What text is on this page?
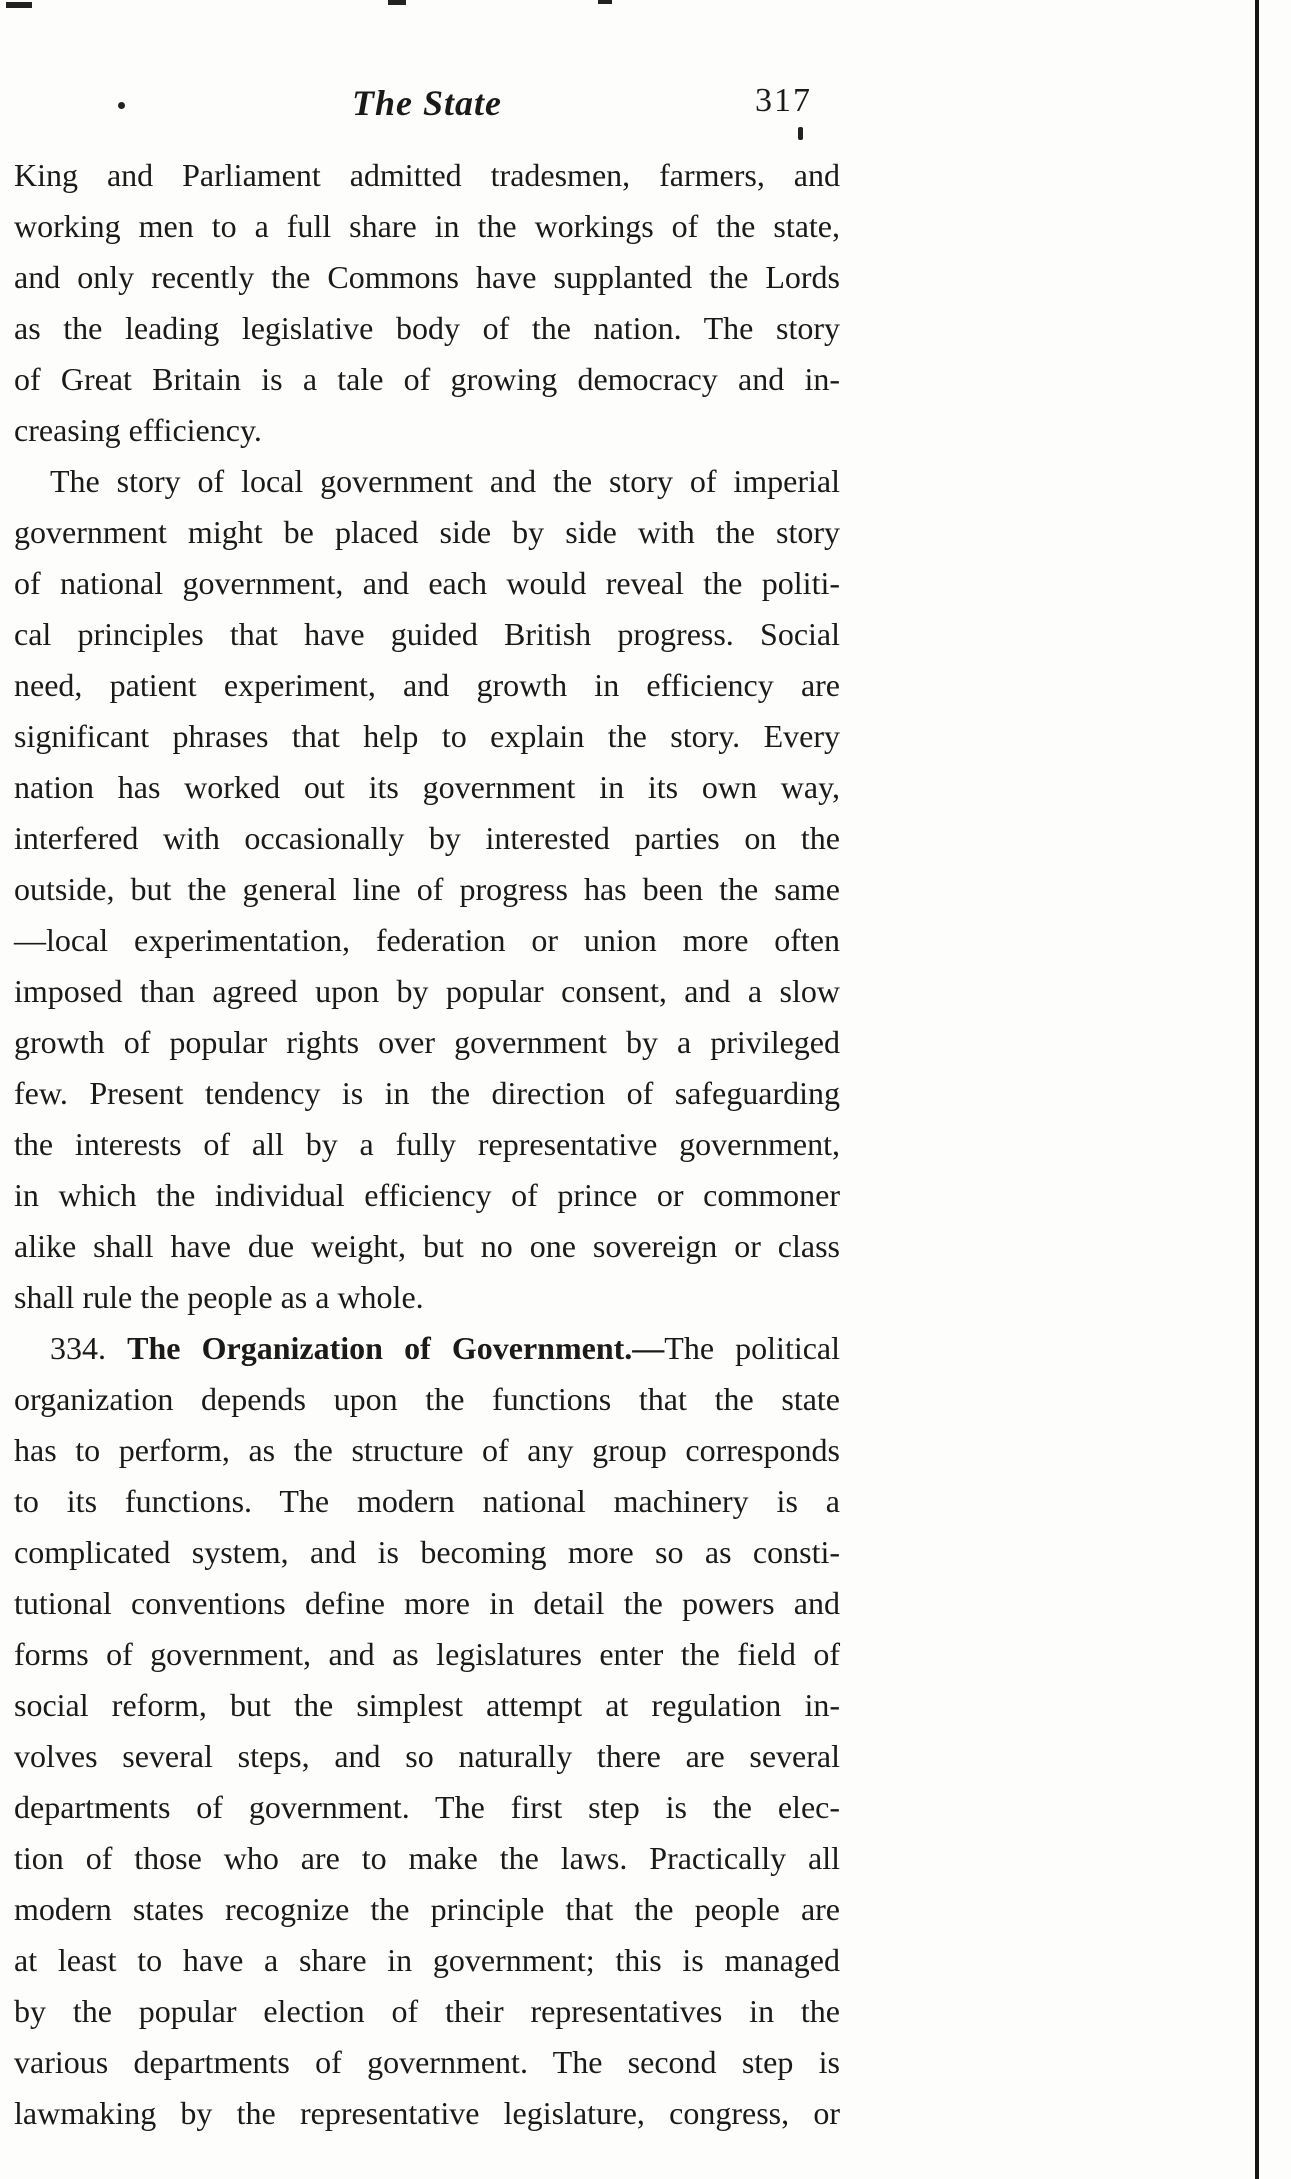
The State	317
King and Parliament admitted tradesmen, farmers, and
working men to a full share in the workings of the state,
and only recently the Commons have supplanted the Lords
as the leading legislative body of the nation. The story
of Great Britain is a tale of growing democracy and in-
creasing efficiency.
The story of local government and the story of imperial
government might be placed side by side with the story
of national government, and each would reveal the politi-
cal principles that have guided British progress. Social
need, patient experiment, and growth in efficiency are
significant phrases that help to explain the story. Every
nation has worked out its government in its own way,
interfered with occasionally by interested parties on the
outside, but the general line of progress has been the same
—local experimentation, federation or union more often
imposed than agreed upon by popular consent, and a slow
growth of popular rights over government by a privileged
few. Present tendency is in the direction of safeguarding
the interests of all by a fully representative government,
in which the individual efficiency of prince or commoner
alike shall have due weight, but no one sovereign or class
shall rule the people as a whole.
334. The Organization of Government.—The political
organization depends upon the functions that the state
has to perform, as the structure of any group corresponds
to its functions. The modern national machinery is a
complicated system, and is becoming more so as consti-
tutional conventions define more in detail the powers and
forms of government, and as legislatures enter the field of
social reform, but the simplest attempt at regulation in-
volves several steps, and so naturally there are several
departments of government. The first step is the elec-
tion of those who are to make the laws. Practically all
modern states recognize the principle that the people are
at least to have a share in government; this is managed
by the popular election of their representatives in the
various departments of government. The second step is
lawmaking by the representative legislature, congress, or
